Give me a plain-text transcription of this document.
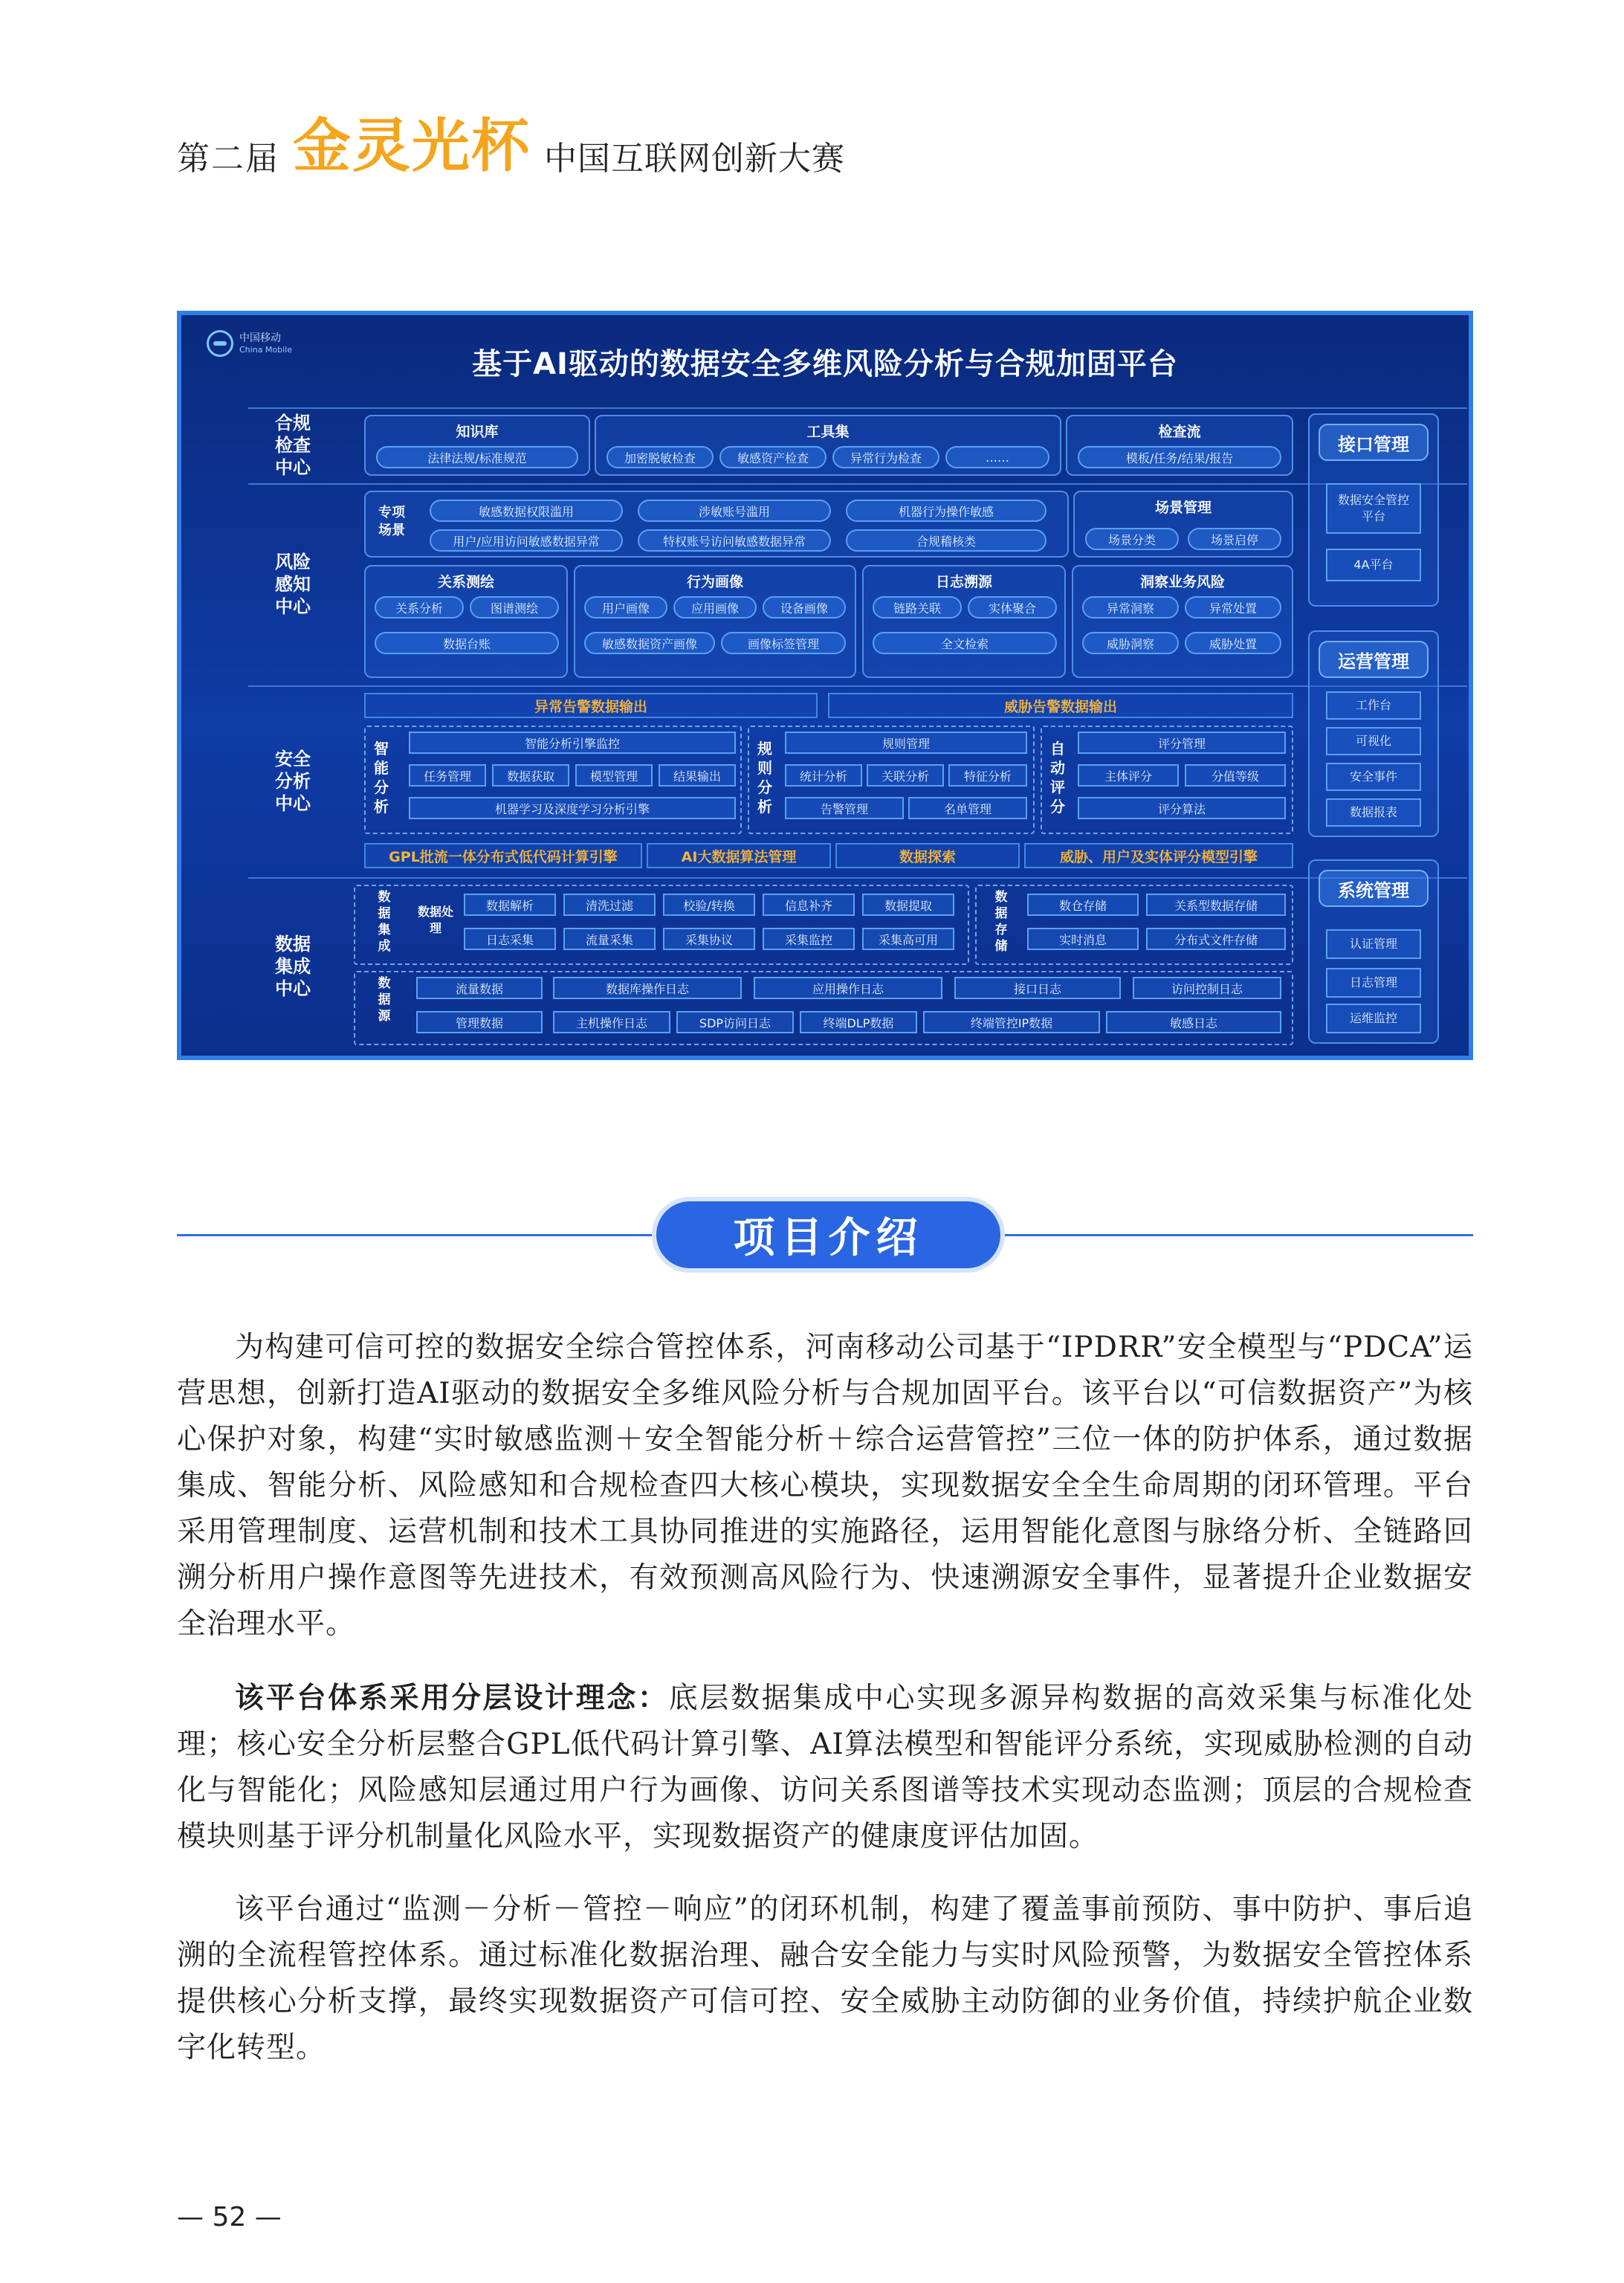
第二届 金灵光杯 中国互联网创新大赛
中国移动
China Mobile	基于AI驱动的数据安全多维风险分析与合规加固平台
合规检查中心
风险感知中心
安全分析中心
数据集成中心
知识库
法律法规/标准规范
工具集
加密脱敏检查	敏感资产检查	异常行为检查	……
检查流
模板/任务/结果/报告
专项场景
敏感数据权限滥用	涉敏账号滥用	机器行为操作敏感
用户/应用访问敏感数据异常	特权账号访问敏感数据异常	合规稽核类
场景管理
场景分类	场景启停
关系测绘
关系分析	图谱测绘
数据台账
行为画像
用户画像	应用画像	设备画像
敏感数据资产画像	画像标签管理
日志溯源
链路关联	实体聚合
全文检索
洞察业务风险
异常洞察	异常处置
威胁洞察	威胁处置
异常告警数据输出	威胁告警数据输出
智能分析
智能分析引擎监控
任务管理	数据获取	模型管理	结果输出
机器学习及深度学习分析引擎
规则分析
规则管理
统计分析	关联分析	特征分析
告警管理	名单管理
自动评分
评分管理
主体评分	分值等级
评分算法
GPL批流一体分布式低代码计算引擎	AI大数据算法管理	数据探索	威胁、用户及实体评分模型引擎
数据集成
数据处理
数据解析	清洗过滤	校验/转换	信息补齐	数据提取
日志采集	流量采集	采集协议	采集监控	采集高可用
数据存储
数仓存储	关系型数据存储
实时消息	分布式文件存储
数据源
流量数据	数据库操作日志	应用操作日志	接口日志	访问控制日志
管理数据	主机操作日志	SDP访问日志	终端DLP数据	终端管控IP数据	敏感日志
接口管理
数据安全管控平台
4A平台
运营管理
工作台
可视化
安全事件
数据报表
系统管理
认证管理
日志管理
运维监控
项目介绍

为构建可信可控的数据安全综合管控体系，河南移动公司基于“IPDRR”安全模型与“PDCA”运营思想，创新打造AI驱动的数据安全多维风险分析与合规加固平台。该平台以“可信数据资产”为核心保护对象，构建“实时敏感监测＋安全智能分析＋综合运营管控”三位一体的防护体系，通过数据集成、智能分析、风险感知和合规检查四大核心模块，实现数据安全全生命周期的闭环管理。平台采用管理制度、运营机制和技术工具协同推进的实施路径，运用智能化意图与脉络分析、全链路回溯分析用户操作意图等先进技术，有效预测高风险行为、快速溯源安全事件，显著提升企业数据安全治理水平。

该平台体系采用分层设计理念：底层数据集成中心实现多源异构数据的高效采集与标准化处理；核心安全分析层整合GPL低代码计算引擎、AI算法模型和智能评分系统，实现威胁检测的自动化与智能化；风险感知层通过用户行为画像、访问关系图谱等技术实现动态监测；顶层的合规检查模块则基于评分机制量化风险水平，实现数据资产的健康度评估加固。

该平台通过“监测－分析－管控－响应”的闭环机制，构建了覆盖事前预防、事中防护、事后追溯的全流程管控体系。通过标准化数据治理、融合安全能力与实时风险预警，为数据安全管控体系提供核心分析支撑，最终实现数据资产可信可控、安全威胁主动防御的业务价值，持续护航企业数字化转型。

— 52 —
